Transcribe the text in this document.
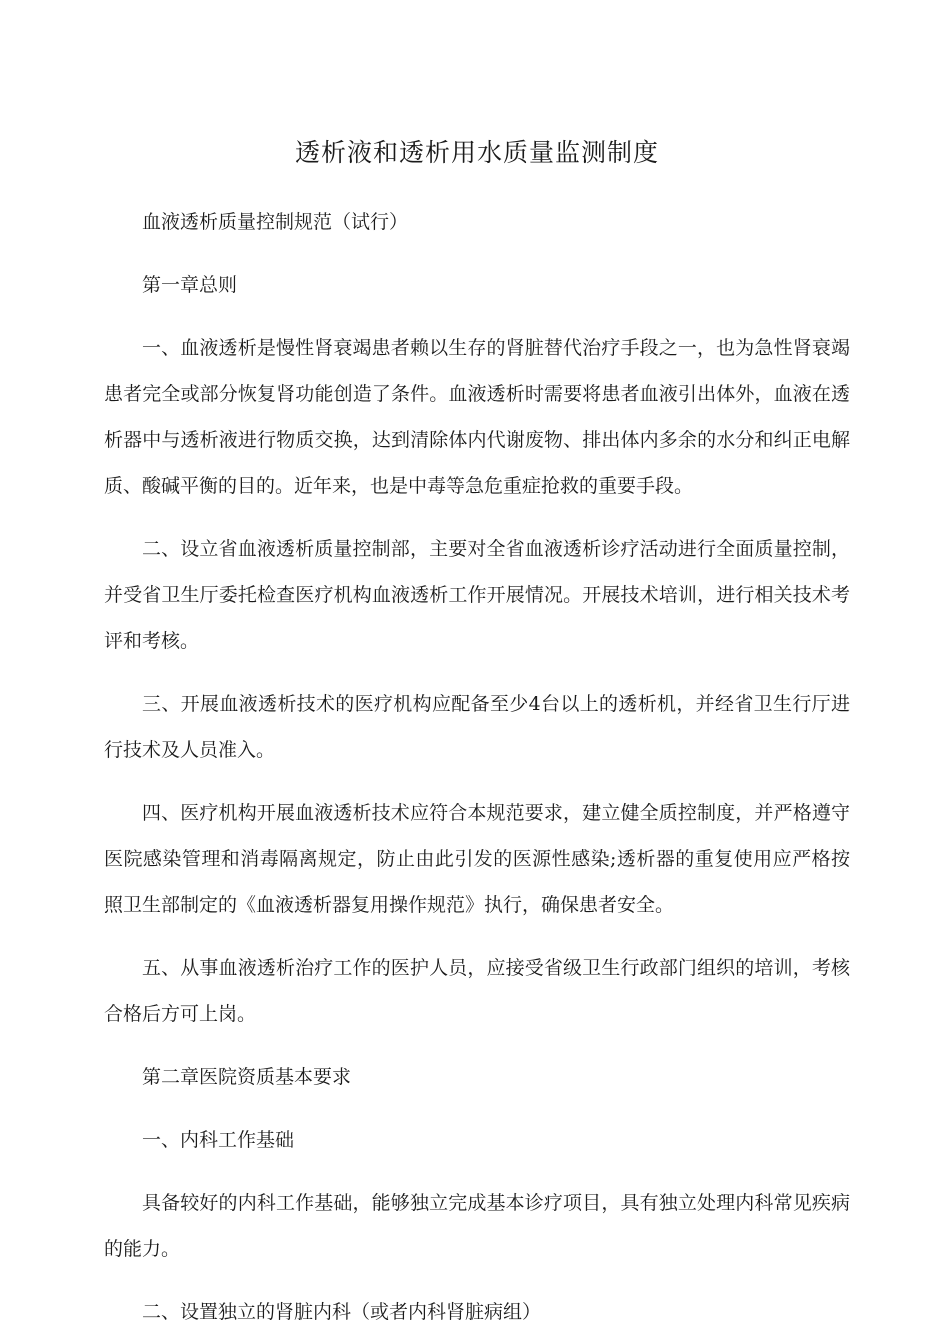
透析液和透析用水质量监测制度

血液透析质量控制规范（试行）

第一章总则

一、血液透析是慢性肾衰竭患者赖以生存的肾脏替代治疗手段之一，也为急性肾衰竭患者完全或部分恢复肾功能创造了条件。血液透析时需要将患者血液引出体外，血液在透析器中与透析液进行物质交换，达到清除体内代谢废物、排出体内多余的水分和纠正电解质、酸碱平衡的目的。近年来，也是中毒等急危重症抢救的重要手段。

二、设立省血液透析质量控制部，主要对全省血液透析诊疗活动进行全面质量控制，并受省卫生厅委托检查医疗机构血液透析工作开展情况。开展技术培训，进行相关技术考评和考核。

三、开展血液透析技术的医疗机构应配备至少4台以上的透析机，并经省卫生行厅进行技术及人员准入。

四、医疗机构开展血液透析技术应符合本规范要求，建立健全质控制度，并严格遵守医院感染管理和消毒隔离规定，防止由此引发的医源性感染;透析器的重复使用应严格按照卫生部制定的《血液透析器复用操作规范》执行，确保患者安全。

五、从事血液透析治疗工作的医护人员，应接受省级卫生行政部门组织的培训，考核合格后方可上岗。

第二章医院资质基本要求

一、内科工作基础

具备较好的内科工作基础，能够独立完成基本诊疗项目，具有独立处理内科常见疾病的能力。

二、设置独立的肾脏内科（或者内科肾脏病组）
